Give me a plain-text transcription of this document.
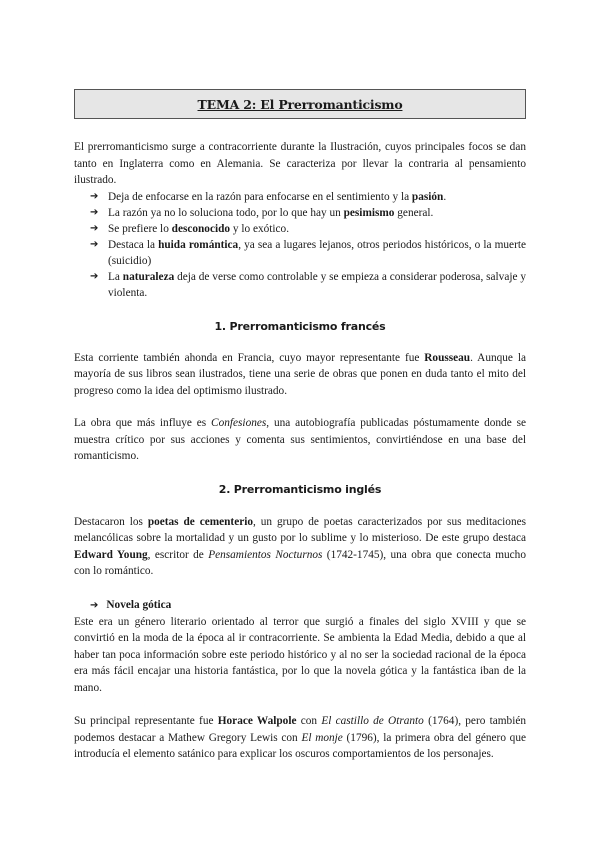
TEMA 2: El Prerromanticismo

El prerromanticismo surge a contracorriente durante la Ilustración, cuyos principales focos se dan tanto en Inglaterra como en Alemania. Se caracteriza por llevar la contraria al pensamiento ilustrado.

➔ Deja de enfocarse en la razón para enfocarse en el sentimiento y la pasión.
➔ La razón ya no lo soluciona todo, por lo que hay un pesimismo general.
➔ Se prefiere lo desconocido y lo exótico.
➔ Destaca la huida romántica, ya sea a lugares lejanos, otros periodos históricos, o la muerte (suicidio)
➔ La naturaleza deja de verse como controlable y se empieza a considerar poderosa, salvaje y violenta.
1. Prerromanticismo francés

Esta corriente también ahonda en Francia, cuyo mayor representante fue Rousseau. Aunque la mayoría de sus libros sean ilustrados, tiene una serie de obras que ponen en duda tanto el mito del progreso como la idea del optimismo ilustrado.

La obra que más influye es Confesiones, una autobiografía publicadas póstumamente donde se muestra crítico por sus acciones y comenta sus sentimientos, convirtiéndose en una base del romanticismo.

2. Prerromanticismo inglés

Destacaron los poetas de cementerio, un grupo de poetas caracterizados por sus meditaciones melancólicas sobre la mortalidad y un gusto por lo sublime y lo misterioso. De este grupo destaca Edward Young, escritor de Pensamientos Nocturnos (1742-1745), una obra que conecta mucho con lo romántico.

➔ Novela gótica

Este era un género literario orientado al terror que surgió a finales del siglo XVIII y que se convirtió en la moda de la época al ir contracorriente. Se ambienta la Edad Media, debido a que al haber tan poca información sobre este periodo histórico y al no ser la sociedad racional de la época era más fácil encajar una historia fantástica, por lo que la novela gótica y la fantástica iban de la mano.

Su principal representante fue Horace Walpole con El castillo de Otranto (1764), pero también podemos destacar a Mathew Gregory Lewis con El monje (1796), la primera obra del género que introducía el elemento satánico para explicar los oscuros comportamientos de los personajes.
